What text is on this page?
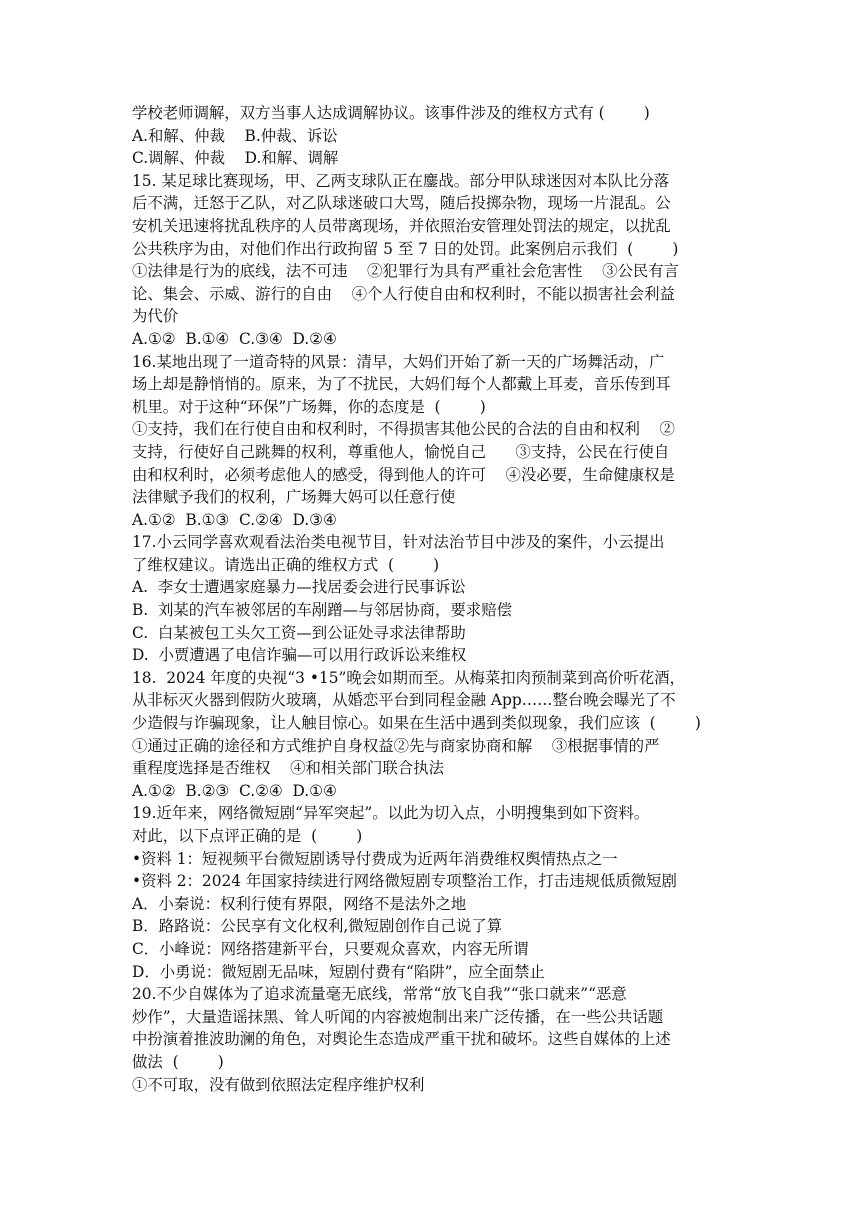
学校老师调解，双方当事人达成调解协议。该事件涉及的维权方式有 (        )
A.和解、仲裁    B.仲裁、诉讼
C.调解、仲裁    D.和解、调解
15. 某足球比赛现场，甲、乙两支球队正在鏖战。部分甲队球迷因对本队比分落
后不满，迁怒于乙队，对乙队球迷破口大骂，随后投掷杂物，现场一片混乱。公
安机关迅速将扰乱秩序的人员带离现场，并依照治安管理处罚法的规定，以扰乱
公共秩序为由，对他们作出行政拘留 5 至 7 日的处罚。此案例启示我们  (        )
①法律是行为的底线，法不可违    ②犯罪行为具有严重社会危害性    ③公民有言
论、集会、示威、游行的自由    ④个人行使自由和权利时，不能以损害社会利益
为代价
A.①②  B.①④  C.③④  D.②④
16.某地出现了一道奇特的风景：清早，大妈们开始了新一天的广场舞活动，广
场上却是静悄悄的。原来，为了不扰民，大妈们每个人都戴上耳麦，音乐传到耳
机里。对于这种“环保”广场舞，你的态度是  (        )
①支持，我们在行使自由和权利时，不得损害其他公民的合法的自由和权利    ②
支持，行使好自己跳舞的权利，尊重他人，愉悦自己      ③支持，公民在行使自
由和权利时，必须考虑他人的感受，得到他人的许可    ④没必要，生命健康权是
法律赋予我们的权利，广场舞大妈可以任意行使
A.①②  B.①③  C.②④  D.③④
17.小云同学喜欢观看法治类电视节目，针对法治节目中涉及的案件，小云提出
了维权建议。请选出正确的维权方式  (        )
A.  李女士遭遇家庭暴力—找居委会进行民事诉讼
B.  刘某的汽车被邻居的车剐蹭—与邻居协商，要求赔偿
C.  白某被包工头欠工资—到公证处寻求法律帮助
D.  小贾遭遇了电信诈骗—可以用行政诉讼来维权
18.  2024 年度的央视“3 •15”晚会如期而至。从梅菜扣肉预制菜到高价听花酒，
从非标灭火器到假防火玻璃，从婚恋平台到同程金融 App……整台晚会曝光了不
少造假与诈骗现象，让人触目惊心。如果在生活中遇到类似现象，我们应该  (        )
①通过正确的途径和方式维护自身权益②先与商家协商和解    ③根据事情的严
重程度选择是否维权    ④和相关部门联合执法
A.①②  B.②③  C.②④  D.①④
19.近年来，网络微短剧“异军突起”。以此为切入点，小明搜集到如下资料。
对此，以下点评正确的是  (        )
•资料 1：短视频平台微短剧诱导付费成为近两年消费维权舆情热点之一
•资料 2：2024 年国家持续进行网络微短剧专项整治工作，打击违规低质微短剧
A．小秦说：权利行使有界限，网络不是法外之地
B．路路说：公民享有文化权利,微短剧创作自己说了算
C．小峰说：网络搭建新平台，只要观众喜欢，内容无所谓
D．小勇说：微短剧无品味，短剧付费有“陷阱”，应全面禁止
20.不少自媒体为了追求流量毫无底线，常常“放飞自我”“张口就来”“恶意
炒作”，大量造谣抹黑、耸人听闻的内容被炮制出来广泛传播，在一些公共话题
中扮演着推波助澜的角色，对舆论生态造成严重干扰和破坏。这些自媒体的上述
做法  (        )
①不可取，没有做到依照法定程序维护权利
